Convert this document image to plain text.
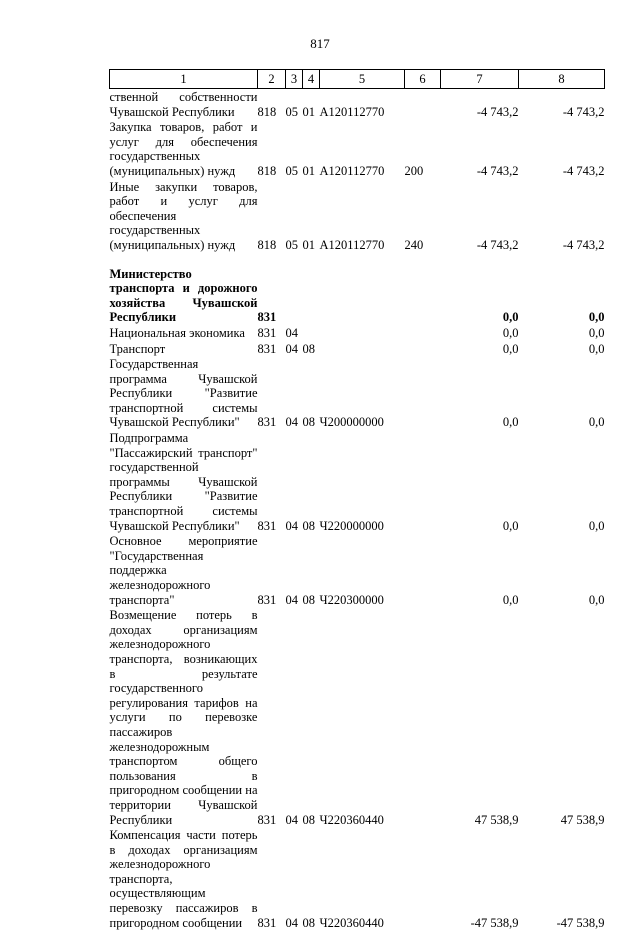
817
1	2	3	4	5	6	7	8
ственной собственности Чувашской Республики	818	05	01	А120112770		-4 743,2	-4 743,2
Закупка товаров, работ и услуг для обеспечения государственных (муниципальных) нужд	818	05	01	А120112770	200	-4 743,2	-4 743,2
Иные закупки товаров, работ и услуг для обеспечения государственных (муниципальных) нужд	818	05	01	А120112770	240	-4 743,2	-4 743,2
Министерство транспорта и дорожного хозяйства Чувашской Республики	831					0,0	0,0
Национальная экономика	831	04				0,0	0,0
Транспорт	831	04	08			0,0	0,0
Государственная программа Чувашской Республики "Развитие транспортной системы Чувашской Республики"	831	04	08	Ч200000000		0,0	0,0
Подпрограмма "Пассажирский транспорт" государственной программы Чувашской Республики "Развитие транспортной системы Чувашской Республики"	831	04	08	Ч220000000		0,0	0,0
Основное мероприятие "Государственная поддержка железнодорожного транспорта"	831	04	08	Ч220300000		0,0	0,0
Возмещение потерь в доходах организациям железнодорожного транспорта, возникающих в результате государственного регулирования тарифов на услуги по перевозке пассажиров железнодорожным транспортом общего пользования в пригородном сообщении на территории Чувашской Республики	831	04	08	Ч220360440		47 538,9	47 538,9
Компенсация части потерь в доходах организациям железнодорожного транспорта, осуществляющим перевозку пассажиров в пригородном сообщении	831	04	08	Ч220360440		-47 538,9	-47 538,9
